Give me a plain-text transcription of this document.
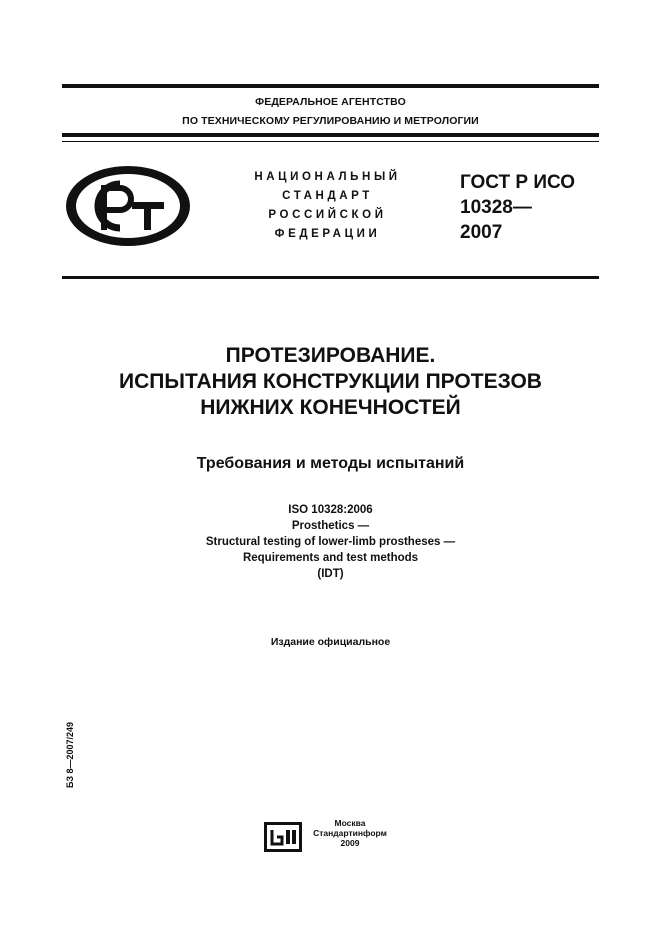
ФЕДЕРАЛЬНОЕ АГЕНТСТВО
ПО ТЕХНИЧЕСКОМУ РЕГУЛИРОВАНИЮ И МЕТРОЛОГИИ
НАЦИОНАЛЬНЫЙ
СТАНДАРТ
РОССИЙСКОЙ
ФЕДЕРАЦИИ
ГОСТ Р ИСО
10328—
2007
ПРОТЕЗИРОВАНИЕ.
ИСПЫТАНИЯ КОНСТРУКЦИИ ПРОТЕЗОВ
НИЖНИХ КОНЕЧНОСТЕЙ
Требования и методы испытаний
ISO 10328:2006
Prosthetics —
Structural testing of lower-limb prostheses —
Requirements and test methods
(IDT)
Издание официальное
БЗ 8—2007/249
Москва
Стандартинформ
2009
